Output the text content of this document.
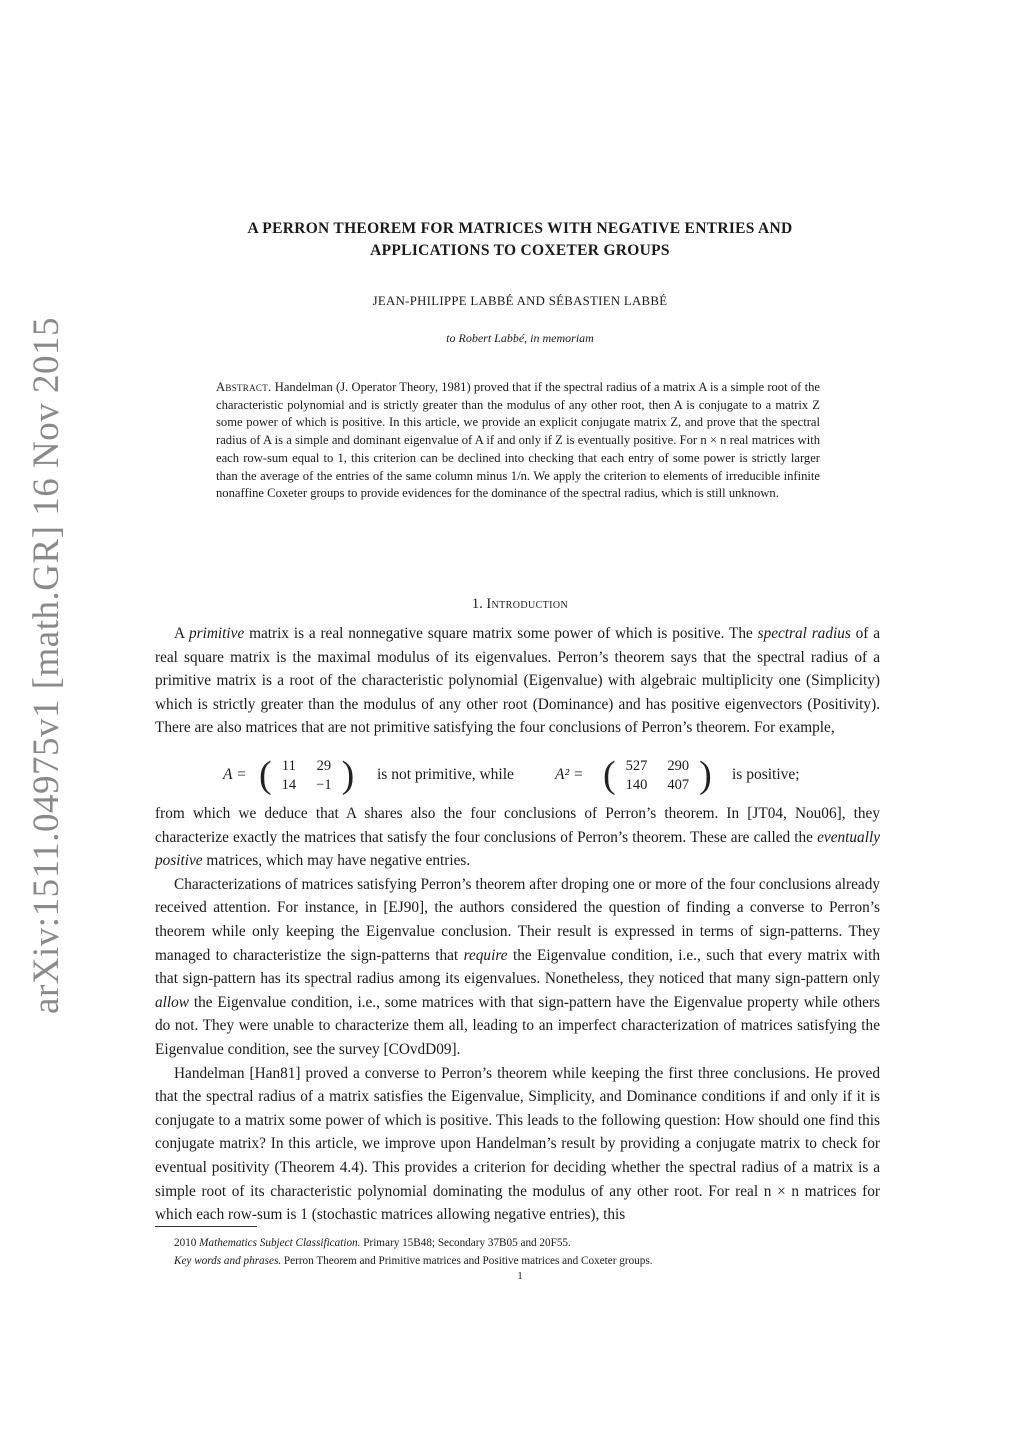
arXiv:1511.04975v1 [math.GR] 16 Nov 2015
A PERRON THEOREM FOR MATRICES WITH NEGATIVE ENTRIES AND
APPLICATIONS TO COXETER GROUPS
JEAN-PHILIPPE LABBÉ AND SÉBASTIEN LABBÉ
to Robert Labbé, in memoriam
Abstract. Handelman (J. Operator Theory, 1981) proved that if the spectral radius of a matrix A is a simple root of the characteristic polynomial and is strictly greater than the modulus of any other root, then A is conjugate to a matrix Z some power of which is positive. In this article, we provide an explicit conjugate matrix Z, and prove that the spectral radius of A is a simple and dominant eigenvalue of A if and only if Z is eventually positive. For n × n real matrices with each row-sum equal to 1, this criterion can be declined into checking that each entry of some power is strictly larger than the average of the entries of the same column minus 1/n. We apply the criterion to elements of irreducible infinite nonaffine Coxeter groups to provide evidences for the dominance of the spectral radius, which is still unknown.
1. Introduction

A primitive matrix is a real nonnegative square matrix some power of which is positive. The spectral radius of a real square matrix is the maximal modulus of its eigenvalues. Perron’s theorem says that the spectral radius of a primitive matrix is a root of the characteristic polynomial (Eigenvalue) with algebraic multiplicity one (Simplicity) which is strictly greater than the modulus of any other root (Dominance) and has positive eigenvectors (Positivity). There are also matrices that are not primitive satisfying the four conclusions of Perron’s theorem. For example,

A = ( 11 29
14 −1 ) is not primitive, while	A² = ( 527 290
140 407 ) is positive;

from which we deduce that A shares also the four conclusions of Perron’s theorem. In [JT04, Nou06], they characterize exactly the matrices that satisfy the four conclusions of Perron’s theorem. These are called the eventually positive matrices, which may have negative entries.

Characterizations of matrices satisfying Perron’s theorem after droping one or more of the four conclusions already received attention. For instance, in [EJ90], the authors considered the question of finding a converse to Perron’s theorem while only keeping the Eigenvalue conclusion. Their result is expressed in terms of sign-patterns. They managed to characteristize the sign-patterns that require the Eigenvalue condition, i.e., such that every matrix with that sign-pattern has its spectral radius among its eigenvalues. Nonetheless, they noticed that many sign-pattern only allow the Eigenvalue condition, i.e., some matrices with that sign-pattern have the Eigenvalue property while others do not. They were unable to characterize them all, leading to an imperfect characterization of matrices satisfying the Eigenvalue condition, see the survey [COvdD09].

Handelman [Han81] proved a converse to Perron’s theorem while keeping the first three conclusions. He proved that the spectral radius of a matrix satisfies the Eigenvalue, Simplicity, and Dominance conditions if and only if it is conjugate to a matrix some power of which is positive. This leads to the following question: How should one find this conjugate matrix? In this article, we improve upon Handelman’s result by providing a conjugate matrix to check for eventual positivity (Theorem 4.4). This provides a criterion for deciding whether the spectral radius of a matrix is a simple root of its characteristic polynomial dominating the modulus of any other root. For real n × n matrices for which each row-sum is 1 (stochastic matrices allowing negative entries), this

2010 Mathematics Subject Classification. Primary 15B48; Secondary 37B05 and 20F55.
Key words and phrases. Perron Theorem and Primitive matrices and Positive matrices and Coxeter groups.
1
